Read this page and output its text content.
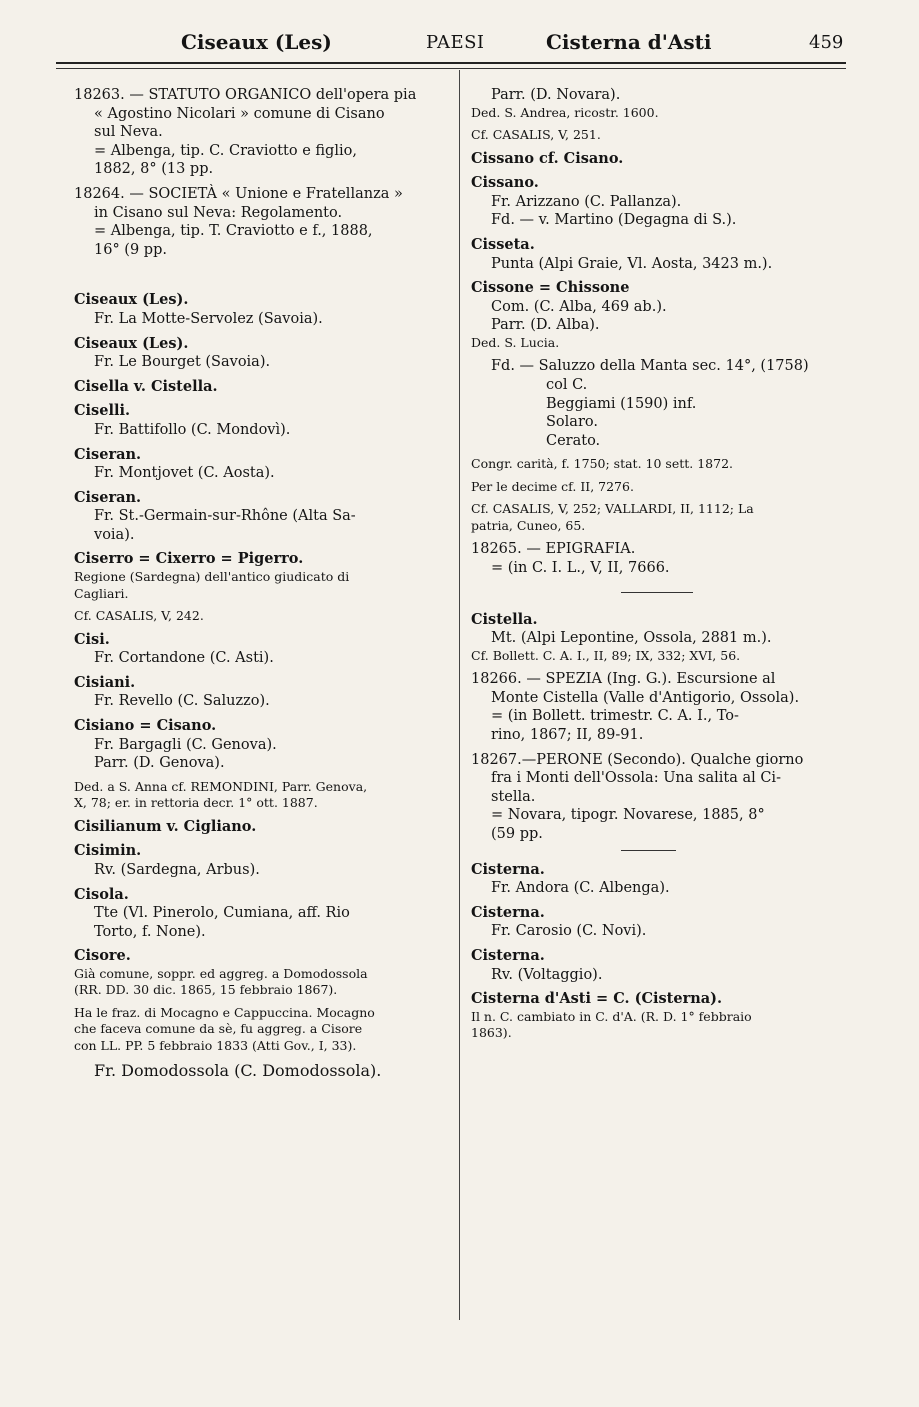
Ciseaux (Les)	PAESI	Cisterna d'Asti	459
18263. — STATUTO ORGANICO dell'opera pia
« Agostino Nicolari » comune di Cisano
sul Neva.
= Albenga, tip. C. Craviotto e figlio,
1882, 8° (13 pp.
18264. — SOCIETÀ « Unione e Fratellanza »
in Cisano sul Neva: Regolamento.
= Albenga, tip. T. Craviotto e f., 1888,
16° (9 pp.
Ciseaux (Les).
Fr. La Motte-Servolez (Savoia).
Ciseaux (Les).
Fr. Le Bourget (Savoia).
Cisella v. Cistella.
Ciselli.
Fr. Battifollo (C. Mondovì).
Ciseran.
Fr. Montjovet (C. Aosta).
Ciseran.
Fr. St.-Germain-sur-Rhône (Alta Sa-
voia).
Ciserro = Cixerro = Pigerro.
Regione (Sardegna) dell'antico giudicato di
Cagliari.
Cf. CASALIS, V, 242.
Cisi.
Fr. Cortandone (C. Asti).
Cisiani.
Fr. Revello (C. Saluzzo).
Cisiano = Cisano.
Fr. Bargagli (C. Genova).
Parr. (D. Genova).
Ded. a S. Anna cf. REMONDINI, Parr. Genova,
X, 78; er. in rettoria decr. 1° ott. 1887.
Cisilianum v. Cigliano.
Cisimin.
Rv. (Sardegna, Arbus).
Cisola.
Tte (Vl. Pinerolo, Cumiana, aff. Rio
Torto, f. None).
Cisore.
Già comune, soppr. ed aggreg. a Domodossola
(RR. DD. 30 dic. 1865, 15 febbraio 1867).
Ha le fraz. di Mocagno e Cappuccina. Mocagno
che faceva comune da sè, fu aggreg. a Cisore
con LL. PP. 5 febbraio 1833 (Atti Gov., I, 33).
Fr. Domodossola (C. Domodossola).
Parr. (D. Novara).
Ded. S. Andrea, ricostr. 1600.
Cf. CASALIS, V, 251.
Cissano cf. Cisano.
Cissano.
Fr. Arizzano (C. Pallanza).
Fd. — v. Martino (Degagna di S.).
Cisseta.
Punta (Alpi Graie, Vl. Aosta, 3423 m.).
Cissone = Chissone
Com. (C. Alba, 469 ab.).
Parr. (D. Alba).
Ded. S. Lucia.
Fd. — Saluzzo della Manta sec. 14°, (1758)
col C.
Beggiami (1590) inf.
Solaro.
Cerato.
Congr. carità, f. 1750; stat. 10 sett. 1872.
Per le decime cf. II, 7276.
Cf. CASALIS, V, 252; VALLARDI, II, 1112; La
patria, Cuneo, 65.
18265. — EPIGRAFIA.
= (in C. I. L., V, II, 7666.
Cistella.
Mt. (Alpi Lepontine, Ossola, 2881 m.).
Cf. Bollett. C. A. I., II, 89; IX, 332; XVI, 56.
18266. — SPEZIA (Ing. G.). Escursione al
Monte Cistella (Valle d'Antigorio, Ossola).
= (in Bollett. trimestr. C. A. I., To-
rino, 1867; II, 89-91.
18267.—PERONE (Secondo). Qualche giorno
fra i Monti dell'Ossola: Una salita al Ci-
stella.
= Novara, tipogr. Novarese, 1885, 8°
(59 pp.
Cisterna.
Fr. Andora (C. Albenga).
Cisterna.
Fr. Carosio (C. Novi).
Cisterna.
Rv. (Voltaggio).
Cisterna d'Asti = C. (Cisterna).
Il n. C. cambiato in C. d'A. (R. D. 1° febbraio
1863).
